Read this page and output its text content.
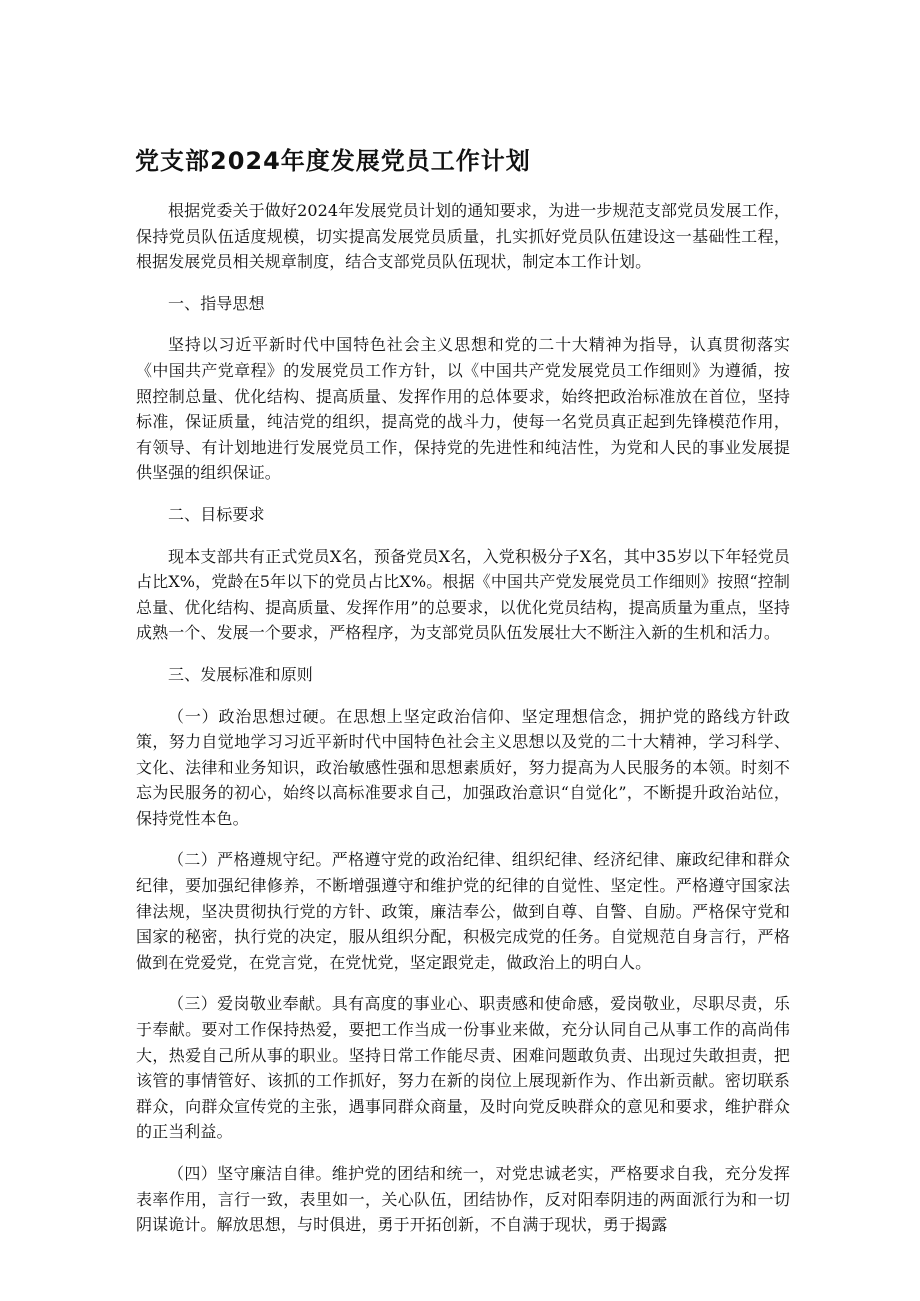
党支部2024年度发展党员工作计划

根据党委关于做好2024年发展党员计划的通知要求，为进一步规范支部党员发展工作，保持党员队伍适度规模，切实提高发展党员质量，扎实抓好党员队伍建设这一基础性工程，根据发展党员相关规章制度，结合支部党员队伍现状，制定本工作计划。

一、指导思想

坚持以习近平新时代中国特色社会主义思想和党的二十大精神为指导，认真贯彻落实《中国共产党章程》的发展党员工作方针，以《中国共产党发展党员工作细则》为遵循，按照控制总量、优化结构、提高质量、发挥作用的总体要求，始终把政治标准放在首位，坚持标准，保证质量，纯洁党的组织，提高党的战斗力，使每一名党员真正起到先锋模范作用，有领导、有计划地进行发展党员工作，保持党的先进性和纯洁性，为党和人民的事业发展提供坚强的组织保证。

二、目标要求

现本支部共有正式党员X名，预备党员X名，入党积极分子X名，其中35岁以下年轻党员占比X%，党龄在5年以下的党员占比X%。根据《中国共产党发展党员工作细则》按照“控制总量、优化结构、提高质量、发挥作用”的总要求，以优化党员结构，提高质量为重点，坚持成熟一个、发展一个要求，严格程序，为支部党员队伍发展壮大不断注入新的生机和活力。

三、发展标准和原则

（一）政治思想过硬。在思想上坚定政治信仰、坚定理想信念，拥护党的路线方针政策，努力自觉地学习习近平新时代中国特色社会主义思想以及党的二十大精神，学习科学、文化、法律和业务知识，政治敏感性强和思想素质好，努力提高为人民服务的本领。时刻不忘为民服务的初心，始终以高标准要求自己，加强政治意识“自觉化”，不断提升政治站位，保持党性本色。

（二）严格遵规守纪。严格遵守党的政治纪律、组织纪律、经济纪律、廉政纪律和群众纪律，要加强纪律修养，不断增强遵守和维护党的纪律的自觉性、坚定性。严格遵守国家法律法规，坚决贯彻执行党的方针、政策，廉洁奉公，做到自尊、自警、自励。严格保守党和国家的秘密，执行党的决定，服从组织分配，积极完成党的任务。自觉规范自身言行，严格做到在党爱党，在党言党，在党忧党，坚定跟党走，做政治上的明白人。

（三）爱岗敬业奉献。具有高度的事业心、职责感和使命感，爱岗敬业，尽职尽责，乐于奉献。要对工作保持热爱，要把工作当成一份事业来做，充分认同自己从事工作的高尚伟大，热爱自己所从事的职业。坚持日常工作能尽责、困难问题敢负责、出现过失敢担责，把该管的事情管好、该抓的工作抓好，努力在新的岗位上展现新作为、作出新贡献。密切联系群众，向群众宣传党的主张，遇事同群众商量，及时向党反映群众的意见和要求，维护群众的正当利益。

（四）坚守廉洁自律。维护党的团结和统一，对党忠诚老实，严格要求自我，充分发挥表率作用，言行一致，表里如一，关心队伍，团结协作，反对阳奉阴违的两面派行为和一切阴谋诡计。解放思想，与时俱进，勇于开拓创新，不自满于现状，勇于揭露
